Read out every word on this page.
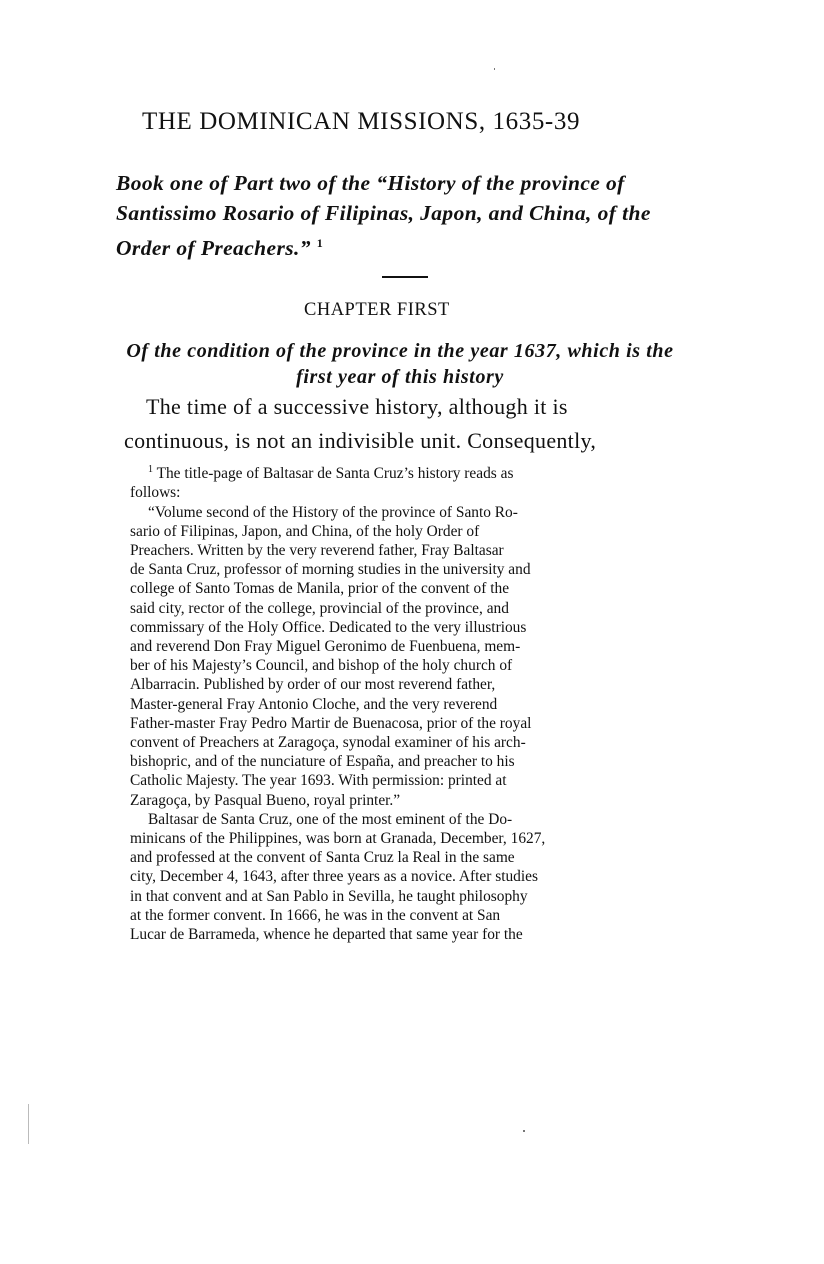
THE DOMINICAN MISSIONS, 1635-39

Book one of Part two of the “History of the province of Santissimo Rosario of Filipinas, Japon, and China, of the Order of Preachers.” $^1$

CHAPTER FIRST

Of the condition of the province in the year 1637, which is the first year of this history

The time of a successive history, although it is
continuous, is not an indivisible unit. Consequently,

$^1$ The title-page of Baltasar de Santa Cruz’s history reads as
follows:
“Volume second of the History of the province of Santo Ro-
sario of Filipinas, Japon, and China, of the holy Order of
Preachers. Written by the very reverend father, Fray Baltasar
de Santa Cruz, professor of morning studies in the university and
college of Santo Tomas de Manila, prior of the convent of the
said city, rector of the college, provincial of the province, and
commissary of the Holy Office. Dedicated to the very illustrious
and reverend Don Fray Miguel Geronimo de Fuenbuena, mem-
ber of his Majesty’s Council, and bishop of the holy church of
Albarracin. Published by order of our most reverend father,
Master-general Fray Antonio Cloche, and the very reverend
Father-master Fray Pedro Martir de Buenacosa, prior of the royal
convent of Preachers at Zaragoça, synodal examiner of his arch-
bishopric, and of the nunciature of España, and preacher to his
Catholic Majesty. The year 1693. With permission: printed at
Zaragoça, by Pasqual Bueno, royal printer.”
Baltasar de Santa Cruz, one of the most eminent of the Do-
minicans of the Philippines, was born at Granada, December, 1627,
and professed at the convent of Santa Cruz la Real in the same
city, December 4, 1643, after three years as a novice. After studies
in that convent and at San Pablo in Sevilla, he taught philosophy
at the former convent. In 1666, he was in the convent at San
Lucar de Barrameda, whence he departed that same year for the
